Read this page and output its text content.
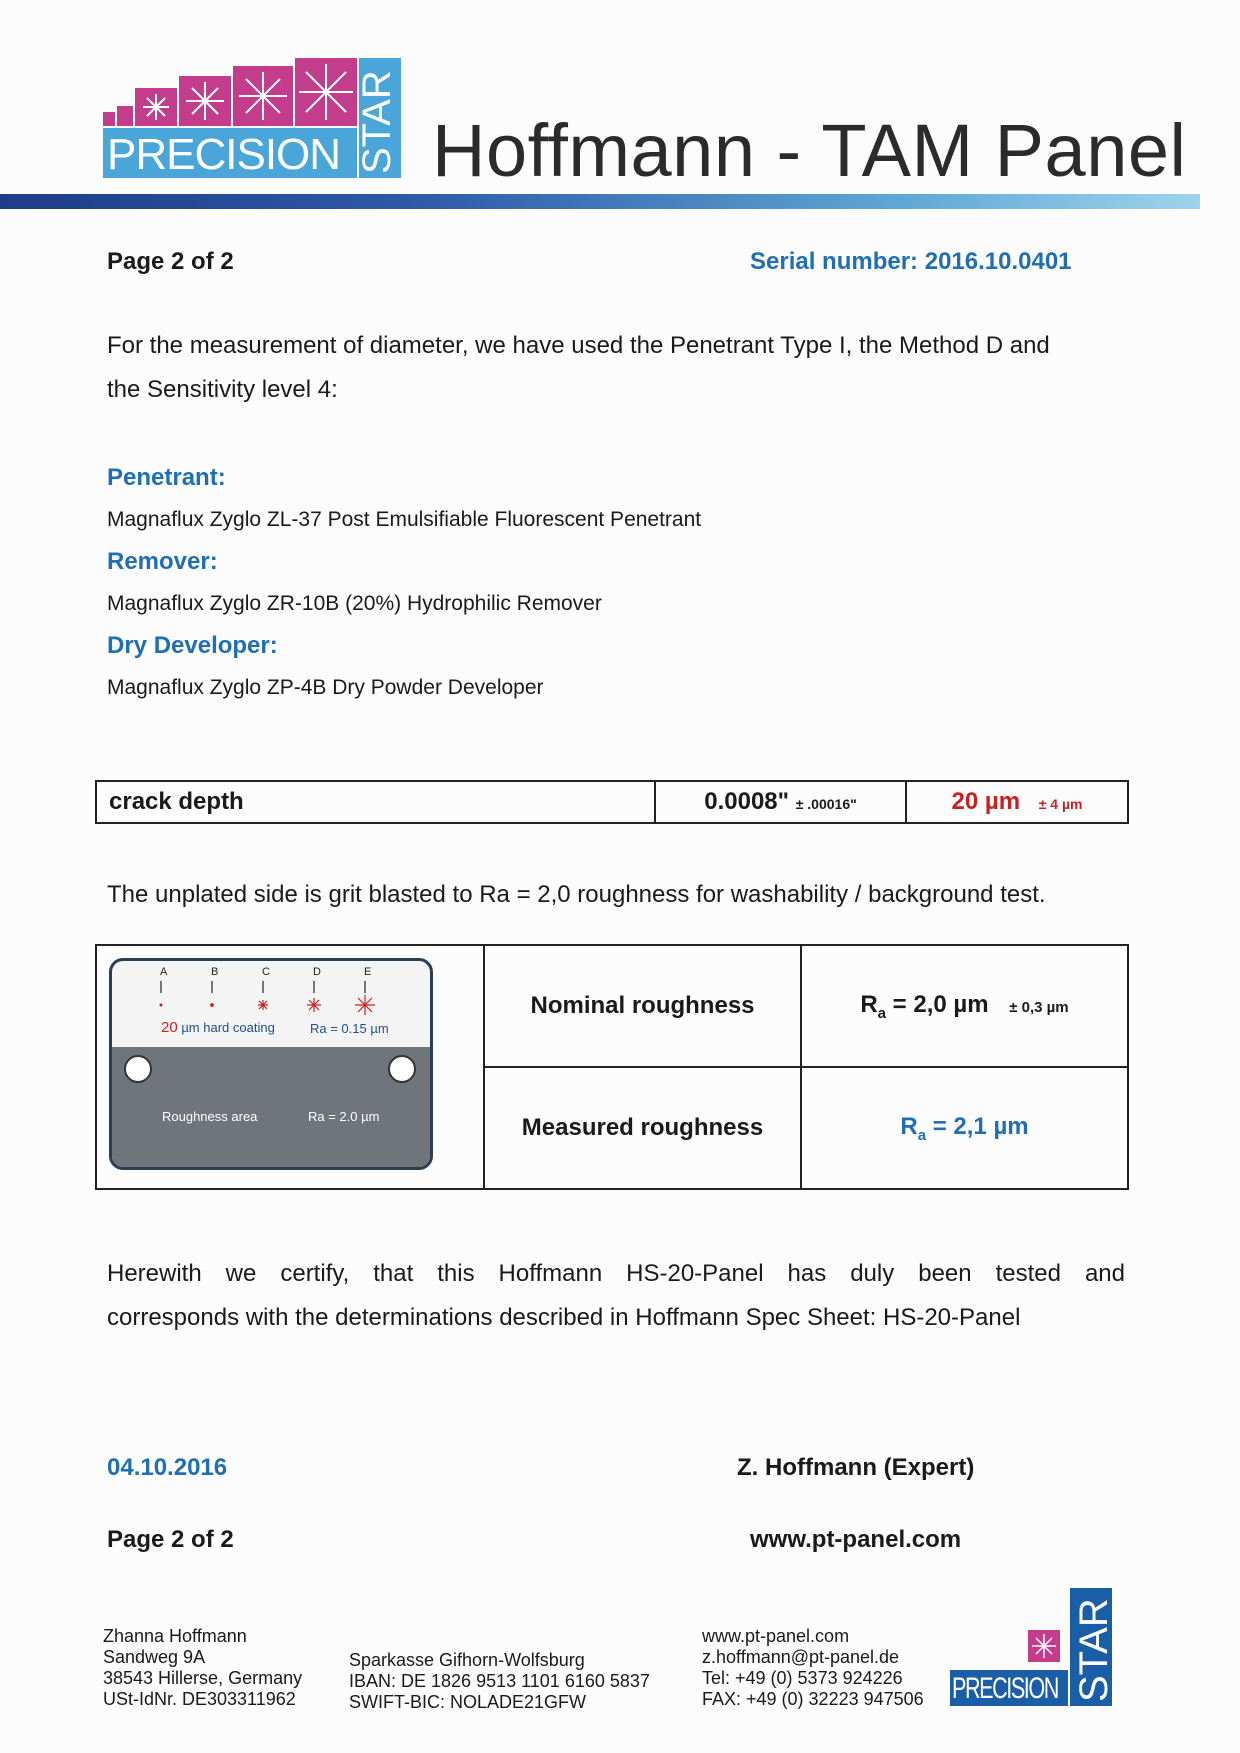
PRECISION STAR Hoffmann - TAM Panel
Page 2 of 2	Serial number: 2016.10.0401
For the measurement of diameter, we have used the Penetrant Type I, the Method D and
the Sensitivity level 4:
Penetrant:
Magnaflux Zyglo ZL-37 Post Emulsifiable Fluorescent Penetrant
Remover:
Magnaflux Zyglo ZR-10B (20%) Hydrophilic Remover
Dry Developer:
Magnaflux Zyglo ZP-4B Dry Powder Developer
crack depth	0.0008" ± .00016"	20 µm ± 4 µm
The unplated side is grit blasted to Ra = 2,0 roughness for washability / background test.
	Nominal roughness	$R_a = 2,0$ µm ± 0,3 µm
	Measured roughness	$R_a = 2,1$ µm
A	B	C	D	E
20 µm hard coating	Ra = 0.15 µm
Roughness area	Ra = 2.0 µm
Herewith we certify, that this Hoffmann HS-20-Panel has duly been tested and
corresponds with the determinations described in Hoffmann Spec Sheet: HS-20-Panel
04.10.2016	Z. Hoffmann (Expert)
Page 2 of 2	www.pt-panel.com
Zhanna Hoffmann
Sandweg 9A
38543 Hillerse, Germany
USt-IdNr. DE303311962
Sparkasse Gifhorn-Wolfsburg
IBAN: DE 1826 9513 1101 6160 5837
SWIFT-BIC: NOLADE21GFW
www.pt-panel.com
z.hoffmann@pt-panel.de
Tel: +49 (0) 5373 924226
FAX: +49 (0) 32223 947506 PRECISION STAR
